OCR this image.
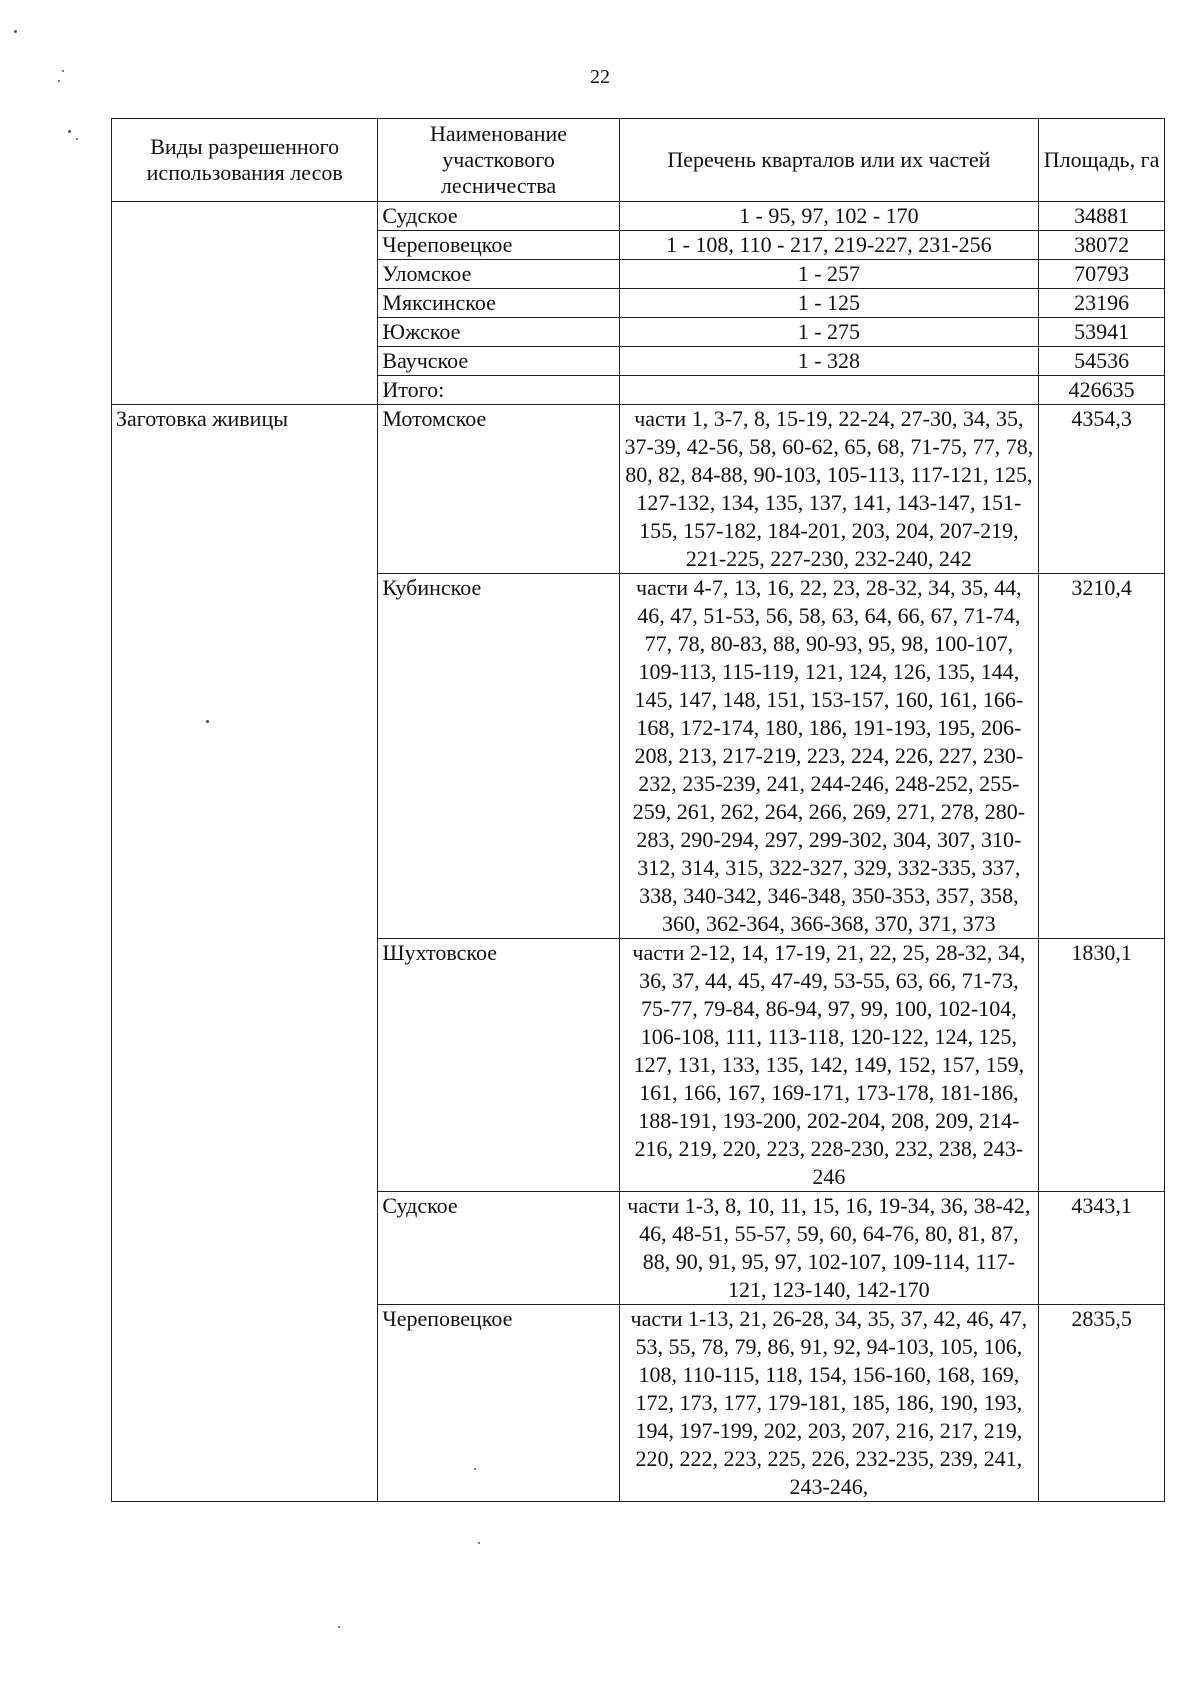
22
Виды разрешенного использования лесов	Наименование участкового лесничества	Перечень кварталов или их частей	Площадь, га
	Судское	1 - 95, 97, 102 - 170	34881
	Череповецкое	1 - 108, 110 - 217, 219-227, 231-256	38072
	Уломское	1 - 257	70793
	Мяксинское	1 - 125	23196
	Южское	1 - 275	53941
	Ваучское	1 - 328	54536
	Итого:		426635
Заготовка живицы	Мотомское	части 1, 3-7, 8, 15-19, 22-24, 27-30, 34, 35, 37-39, 42-56, 58, 60-62, 65, 68, 71-75, 77, 78, 80, 82, 84-88, 90-103, 105-113, 117-121, 125, 127-132, 134, 135, 137, 141, 143-147, 151-155, 157-182, 184-201, 203, 204, 207-219, 221-225, 227-230, 232-240, 242	4354,3
	Кубинское	части 4-7, 13, 16, 22, 23, 28-32, 34, 35, 44, 46, 47, 51-53, 56, 58, 63, 64, 66, 67, 71-74, 77, 78, 80-83, 88, 90-93, 95, 98, 100-107, 109-113, 115-119, 121, 124, 126, 135, 144, 145, 147, 148, 151, 153-157, 160, 161, 166-168, 172-174, 180, 186, 191-193, 195, 206-208, 213, 217-219, 223, 224, 226, 227, 230-232, 235-239, 241, 244-246, 248-252, 255-259, 261, 262, 264, 266, 269, 271, 278, 280-283, 290-294, 297, 299-302, 304, 307, 310-312, 314, 315, 322-327, 329, 332-335, 337, 338, 340-342, 346-348, 350-353, 357, 358, 360, 362-364, 366-368, 370, 371, 373	3210,4
	Шухтовское	части 2-12, 14, 17-19, 21, 22, 25, 28-32, 34, 36, 37, 44, 45, 47-49, 53-55, 63, 66, 71-73, 75-77, 79-84, 86-94, 97, 99, 100, 102-104, 106-108, 111, 113-118, 120-122, 124, 125, 127, 131, 133, 135, 142, 149, 152, 157, 159, 161, 166, 167, 169-171, 173-178, 181-186, 188-191, 193-200, 202-204, 208, 209, 214-216, 219, 220, 223, 228-230, 232, 238, 243-246	1830,1
	Судское	части 1-3, 8, 10, 11, 15, 16, 19-34, 36, 38-42, 46, 48-51, 55-57, 59, 60, 64-76, 80, 81, 87, 88, 90, 91, 95, 97, 102-107, 109-114, 117-121, 123-140, 142-170	4343,1
	Череповецкое	части 1-13, 21, 26-28, 34, 35, 37, 42, 46, 47, 53, 55, 78, 79, 86, 91, 92, 94-103, 105, 106, 108, 110-115, 118, 154, 156-160, 168, 169, 172, 173, 177, 179-181, 185, 186, 190, 193, 194, 197-199, 202, 203, 207, 216, 217, 219, 220, 222, 223, 225, 226, 232-235, 239, 241, 243-246,	2835,5
